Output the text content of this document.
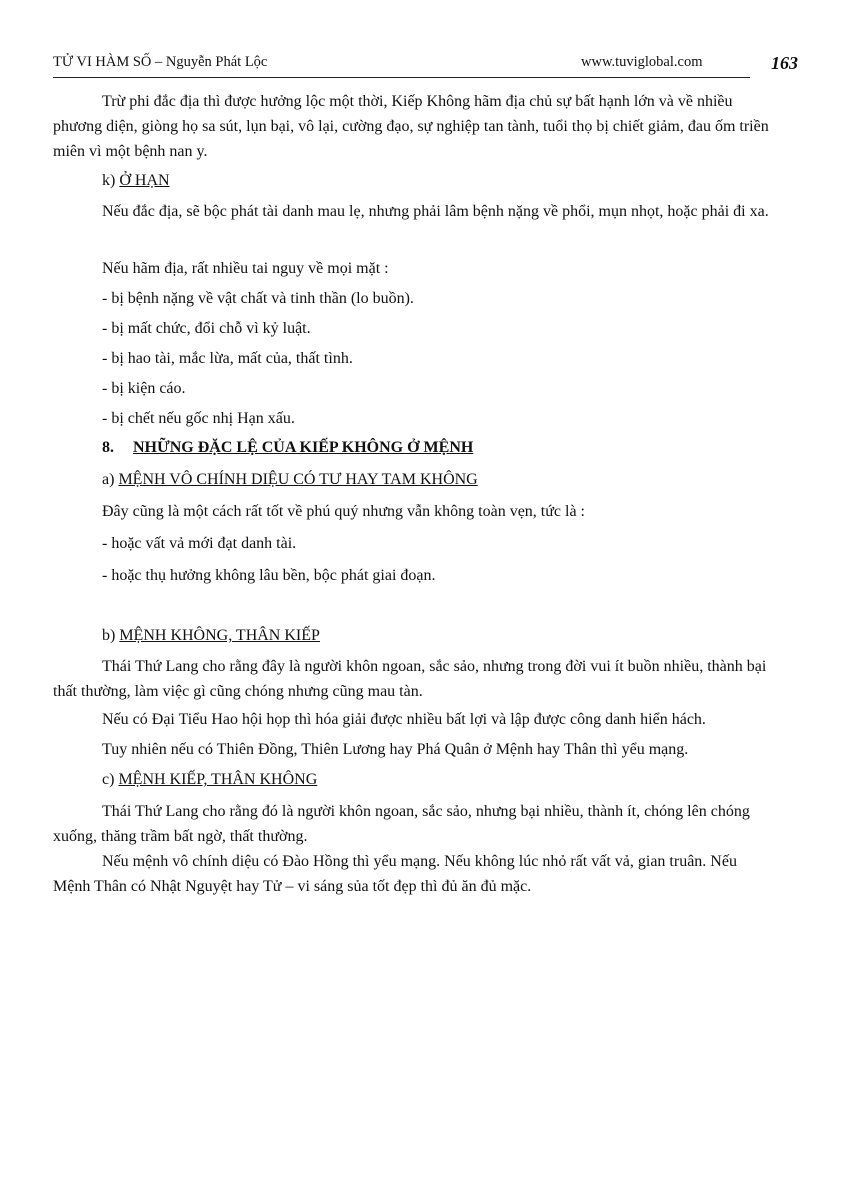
TỬ VI HÀM SỐ – Nguyễn Phát Lộc	www.tuviglobal.com	163

Trừ phi đắc địa thì được hưởng lộc một thời, Kiếp Không hãm địa chủ sự bất hạnh lớn và về nhiều phương diện, giòng họ sa sút, lụn bại, vô lại, cường đạo, sự nghiệp tan tành, tuổi thọ bị chiết giảm, đau ốm triền miên vì một bệnh nan y.

k) Ở HẠN

Nếu đắc địa, sẽ bộc phát tài danh mau lẹ, nhưng phải lâm bệnh nặng về phổi, mụn nhọt, hoặc phải đi xa.

Nếu hãm địa, rất nhiều tai nguy về mọi mặt :

- bị bệnh nặng về vật chất và tinh thần (lo buồn).

- bị mất chức, đổi chỗ vì kỷ luật.

- bị hao tài, mắc lừa, mất của, thất tình.

- bị kiện cáo.

- bị chết nếu gốc nhị Hạn xấu.

8. NHỮNG ĐẶC LỆ CỦA KIẾP KHÔNG Ở MỆNH
a) MỆNH VÔ CHÍNH DIỆU CÓ TƯ HAY TAM KHÔNG

Đây cũng là một cách rất tốt về phú quý nhưng vẫn không toàn vẹn, tức là :

- hoặc vất vả mới đạt danh tài.

- hoặc thụ hưởng không lâu bền, bộc phát giai đoạn.

b) MỆNH KHÔNG, THÂN KIẾP

Thái Thứ Lang cho rằng đây là người khôn ngoan, sắc sảo, nhưng trong đời vui ít buồn nhiều, thành bại thất thường, làm việc gì cũng chóng nhưng cũng mau tàn.

Nếu có Đại Tiểu Hao hội họp thì hóa giải được nhiều bất lợi và lập được công danh hiển hách.

Tuy nhiên nếu có Thiên Đồng, Thiên Lương hay Phá Quân ở Mệnh hay Thân thì yểu mạng.

c) MỆNH KIẾP, THÂN KHÔNG

Thái Thứ Lang cho rằng đó là người khôn ngoan, sắc sảo, nhưng bại nhiều, thành ít, chóng lên chóng xuống, thăng trầm bất ngờ, thất thường.

Nếu mệnh vô chính diệu có Đào Hồng thì yểu mạng. Nếu không lúc nhỏ rất vất vả, gian truân. Nếu Mệnh Thân có Nhật Nguyệt hay Tử – vi sáng sủa tốt đẹp thì đủ ăn đủ mặc.
